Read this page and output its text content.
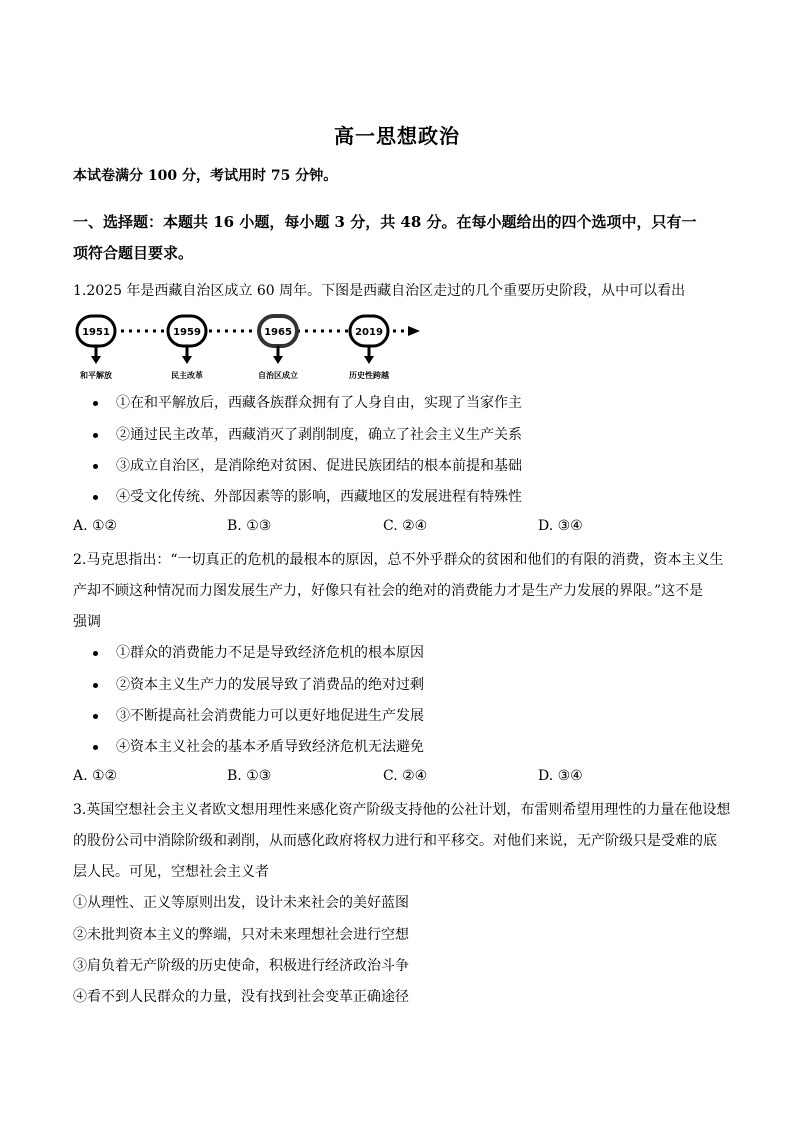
高一思想政治
本试卷满分 100 分，考试用时 75 分钟。
一、选择题：本题共 16 小题，每小题 3 分，共 48 分。在每小题给出的四个选项中，只有一
项符合题目要求。
1.2025 年是西藏自治区成立 60 周年。下图是西藏自治区走过的几个重要历史阶段，从中可以看出
1951
和平解放
1959
民主改革
1965
自治区成立
2019
历史性跨越
①在和平解放后，西藏各族群众拥有了人身自由，实现了当家作主
②通过民主改革，西藏消灭了剥削制度，确立了社会主义生产关系
③成立自治区，是消除绝对贫困、促进民族团结的根本前提和基础
④受文化传统、外部因素等的影响，西藏地区的发展进程有特殊性
A. ①②	B. ①③	C. ②④	D. ③④
2.马克思指出：“一切真正的危机的最根本的原因，总不外乎群众的贫困和他们的有限的消费，资本主义生
产却不顾这种情况而力图发展生产力，好像只有社会的绝对的消费能力才是生产力发展的界限。”这不是
强调
①群众的消费能力不足是导致经济危机的根本原因
②资本主义生产力的发展导致了消费品的绝对过剩
③不断提高社会消费能力可以更好地促进生产发展
④资本主义社会的基本矛盾导致经济危机无法避免
A. ①②	B. ①③	C. ②④	D. ③④
3.英国空想社会主义者欧文想用理性来感化资产阶级支持他的公社计划，布雷则希望用理性的力量在他设想
的股份公司中消除阶级和剥削，从而感化政府将权力进行和平移交。对他们来说，无产阶级只是受难的底
层人民。可见，空想社会主义者
①从理性、正义等原则出发，设计未来社会的美好蓝图
②未批判资本主义的弊端，只对未来理想社会进行空想
③肩负着无产阶级的历史使命，积极进行经济政治斗争
④看不到人民群众的力量，没有找到社会变革正确途径
